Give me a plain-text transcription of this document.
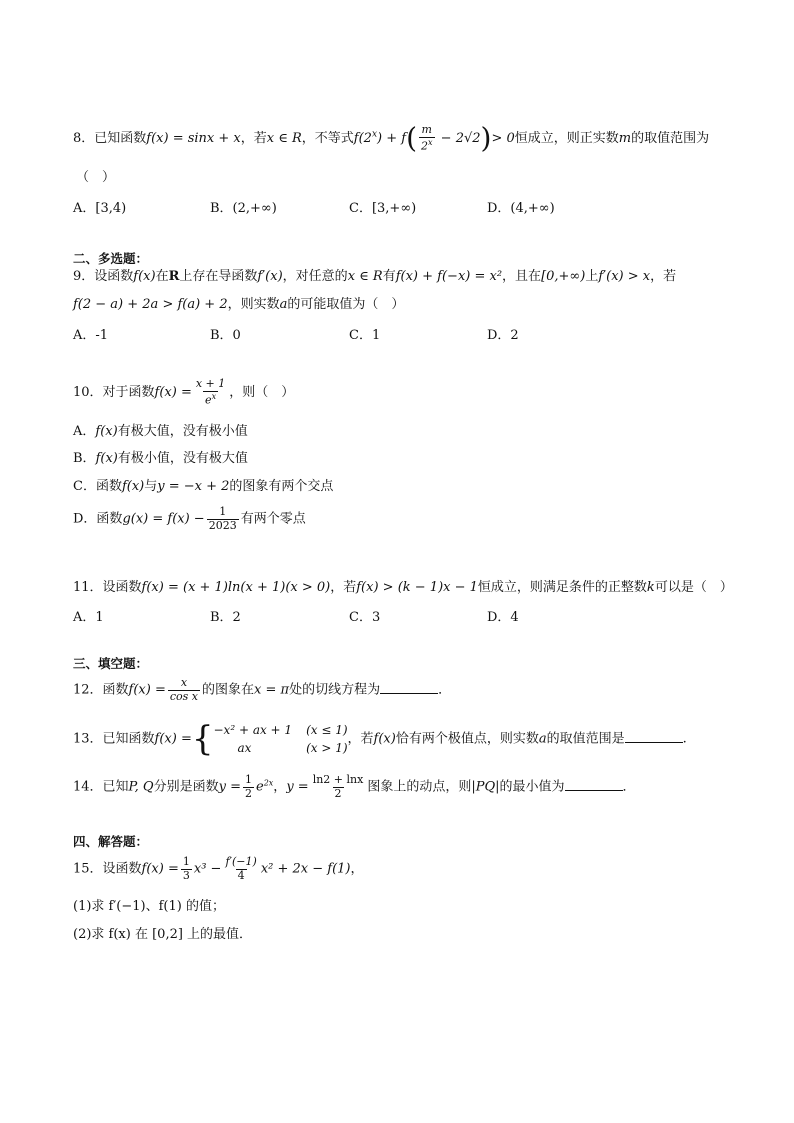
8．已知函数f(x) = sinx + x，若x ∈ R，不等式$f(2^x) + f( \frac{m}{2^x} - 2√2)> 0$恒成立，则正实数m的取值范围为
（　）
A．[3,4)	B．(2,+∞)	C．[3,+∞)	D．(4,+∞)
二、多选题：
9．设函数f(x)在R上存在导函数f′(x)，对任意的x ∈ R有f(x) + f(−x) = x²，且在[0,+∞)上f′(x) > x，若
f(2 − a) + 2a > f(a) + 2，则实数a的可能取值为（　）
A．-1	B．0	C．1	D．2
10．对于函数$f(x) = \frac{x + 1}{e^x}$ ，则（　）
A．f(x)有极大值，没有极小值
B．f(x)有极小值，没有极大值
C．函数f(x)与y = −x + 2的图象有两个交点
D．函数$g(x) = f(x) - \frac{1}{2023}$ 有两个零点
11．设函数f(x) = (x + 1)ln(x + 1)(x > 0)，若f(x) > (k − 1)x − 1恒成立，则满足条件的正整数k可以是（　）
A．1	B．2	C．3	D．4
三、填空题：
12．函数$f(x) = \frac{x}{\text{cos x}}$ 的图象在x = π处的切线方程为	．
13．已知函数f(x) ={ −x² + ax + 1
ax
(x ≤ 1)
(x > 1)
，若f(x)恰有两个极值点，则实数a的取值范围是	.
14．已知P, Q分别是函数$y = \frac{1}{2} e^{2x}$，$y = \frac{\ln 2 + \ln x}{2}$ 图象上的动点，则|PQ|的最小值为	．
四、解答题：
15．设函数$f(x) = \frac{1}{3} x^3 - \frac{f'(-1)}{4} x^2 + 2x - f(1)$，
(1)求 f′(−1)、f(1) 的值；
(2)求 f(x) 在 [0,2] 上的最值．
